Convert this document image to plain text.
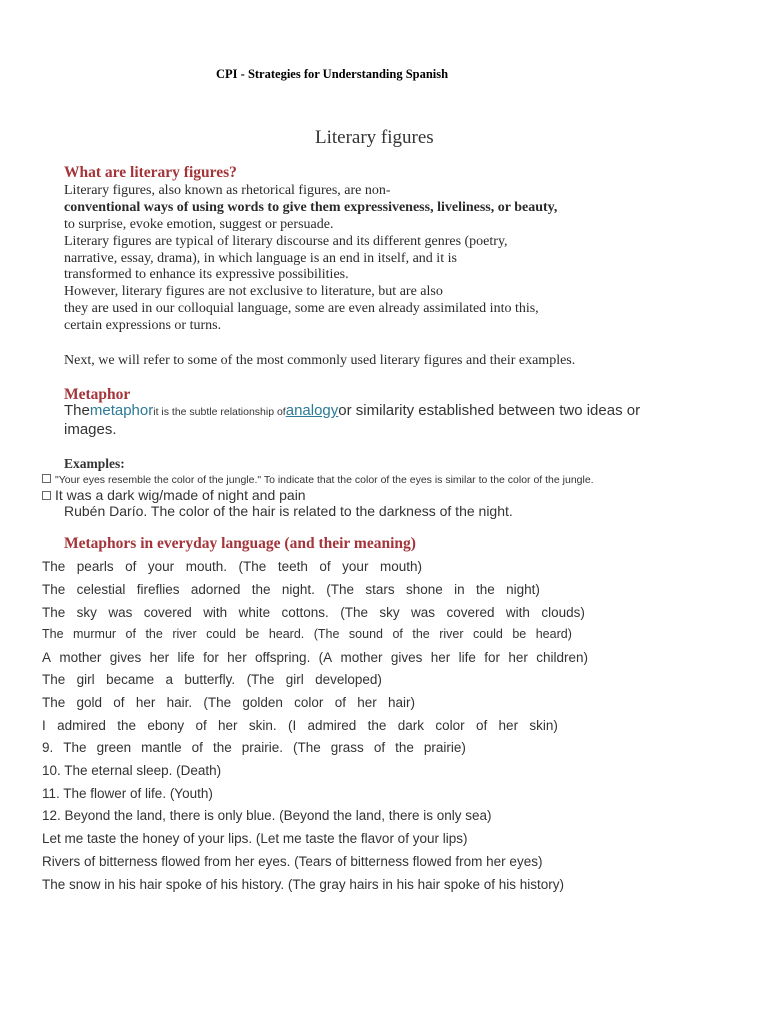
CPI - Strategies for Understanding Spanish
Literary figures
What are literary figures?
Literary figures, also known as rhetorical figures, are non-
conventional ways of using words to give them expressiveness, liveliness, or beauty,
to surprise, evoke emotion, suggest or persuade.
Literary figures are typical of literary discourse and its different genres (poetry,
narrative, essay, drama), in which language is an end in itself, and it is
transformed to enhance its expressive possibilities.
However, literary figures are not exclusive to literature, but are also
they are used in our colloquial language, some are even already assimilated into this,
certain expressions or turns.
Next, we will refer to some of the most commonly used literary figures and their examples.
Metaphor
Themetaphorit is the subtle relationship ofanalogyor similarity established between two ideas or images.
Examples:
"Your eyes resemble the color of the jungle." To indicate that the color of the eyes is similar to the color of the jungle.
It was a dark wig/made of night and pain
Rubén Darío. The color of the hair is related to the darkness of the night.
Metaphors in everyday language (and their meaning)
The pearls of your mouth. (The teeth of your mouth)
The celestial fireflies adorned the night. (The stars shone in the night)
The sky was covered with white cottons. (The sky was covered with clouds)
The murmur of the river could be heard. (The sound of the river could be heard)
A mother gives her life for her offspring. (A mother gives her life for her children)
The girl became a butterfly. (The girl developed)
The gold of her hair. (The golden color of her hair)
I admired the ebony of her skin. (I admired the dark color of her skin)
9. The green mantle of the prairie. (The grass of the prairie)
10. The eternal sleep. (Death)
11. The flower of life. (Youth)
12. Beyond the land, there is only blue. (Beyond the land, there is only sea)
Let me taste the honey of your lips. (Let me taste the flavor of your lips)
Rivers of bitterness flowed from her eyes. (Tears of bitterness flowed from her eyes)
The snow in his hair spoke of his history. (The gray hairs in his hair spoke of his history)
